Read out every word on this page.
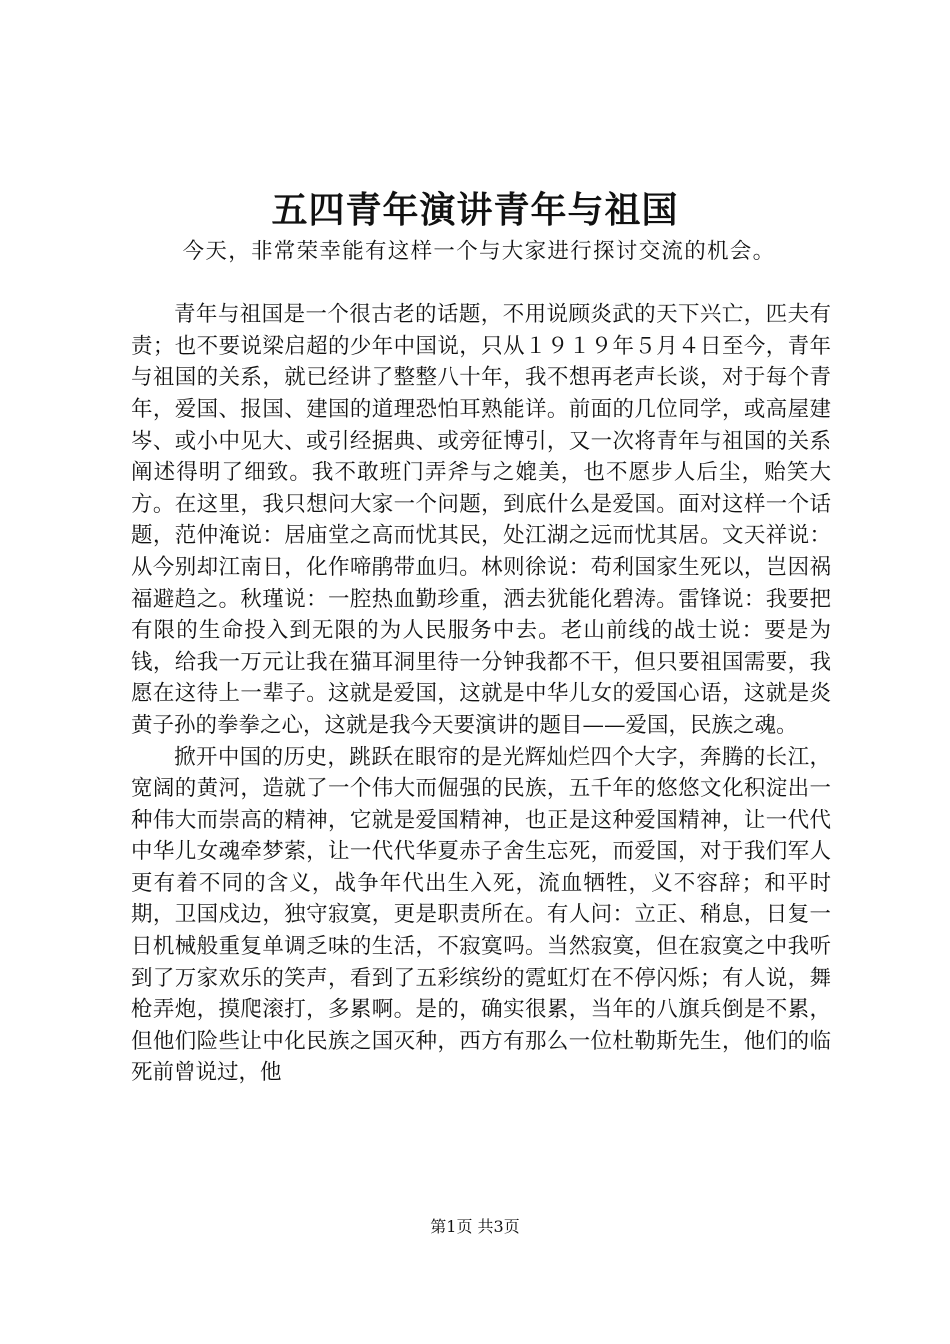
五四青年演讲青年与祖国

今天，非常荣幸能有这样一个与大家进行探讨交流的机会。

青年与祖国是一个很古老的话题，不用说顾炎武的天下兴亡，匹夫有责；也不要说梁启超的少年中国说，只从１９１９年５月４日至今，青年与祖国的关系，就已经讲了整整八十年，我不想再老声长谈，对于每个青年，爱国、报国、建国的道理恐怕耳熟能详。前面的几位同学，或高屋建岑、或小中见大、或引经据典、或旁征博引，又一次将青年与祖国的关系阐述得明了细致。我不敢班门弄斧与之媲美，也不愿步人后尘，贻笑大方。在这里，我只想问大家一个问题，到底什么是爱国。面对这样一个话题，范仲淹说：居庙堂之高而忧其民，处江湖之远而忧其居。文天祥说：从今别却江南日，化作啼鹃带血归。林则徐说：苟利国家生死以，岂因祸福避趋之。秋瑾说：一腔热血勤珍重，洒去犹能化碧涛。雷锋说：我要把有限的生命投入到无限的为人民服务中去。老山前线的战士说：要是为钱，给我一万元让我在猫耳洞里待一分钟我都不干，但只要祖国需要，我愿在这待上一辈子。这就是爱国，这就是中华儿女的爱国心语，这就是炎黄子孙的拳拳之心，这就是我今天要演讲的题目——爱国，民族之魂。

掀开中国的历史，跳跃在眼帘的是光辉灿烂四个大字，奔腾的长江，宽阔的黄河，造就了一个伟大而倔强的民族，五千年的悠悠文化积淀出一种伟大而崇高的精神，它就是爱国精神，也正是这种爱国精神，让一代代中华儿女魂牵梦萦，让一代代华夏赤子舍生忘死，而爱国，对于我们军人更有着不同的含义，战争年代出生入死，流血牺牲，义不容辞；和平时期，卫国戍边，独守寂寞，更是职责所在。有人问：立正、稍息，日复一日机械般重复单调乏味的生活，不寂寞吗。当然寂寞，但在寂寞之中我听到了万家欢乐的笑声，看到了五彩缤纷的霓虹灯在不停闪烁；有人说，舞枪弄炮，摸爬滚打，多累啊。是的，确实很累，当年的八旗兵倒是不累，但他们险些让中化民族之国灭种，西方有那么一位杜勒斯先生，他们的临死前曾说过，他

第1页 共3页
